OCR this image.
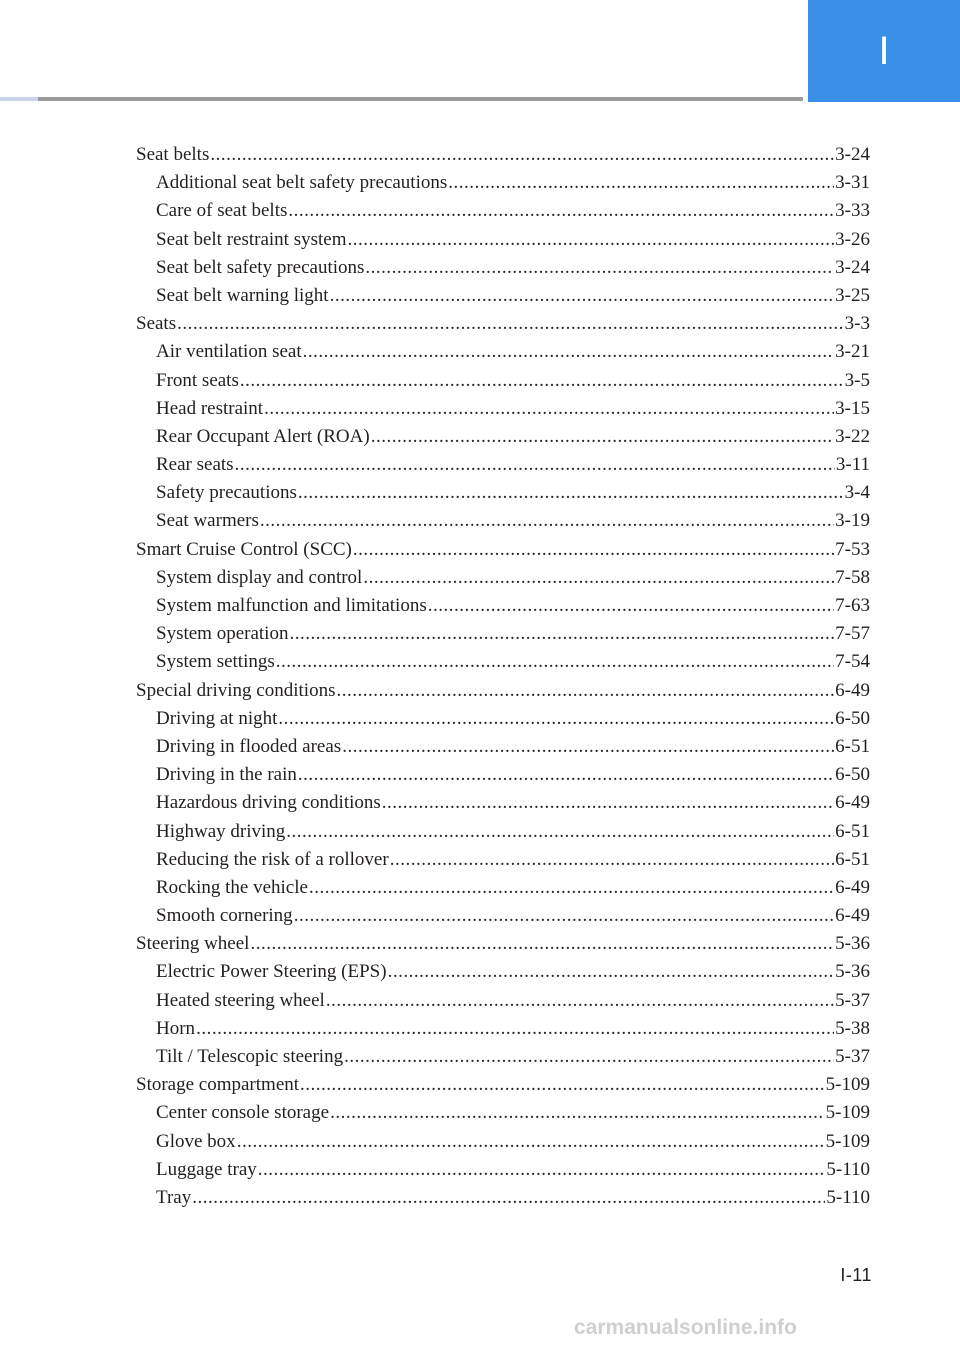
I
Seat belts .....	3-24
Additional seat belt safety precautions .....	3-31
Care of seat belts .....	3-33
Seat belt restraint system .....	3-26
Seat belt safety precautions .....	3-24
Seat belt warning light .....	3-25
Seats .....	3-3
Air ventilation seat .....	3-21
Front seats .....	3-5
Head restraint .....	3-15
Rear Occupant Alert (ROA) .....	3-22
Rear seats .....	3-11
Safety precautions .....	3-4
Seat warmers .....	3-19
Smart Cruise Control (SCC) .....	7-53
System display and control .....	7-58
System malfunction and limitations .....	7-63
System operation .....	7-57
System settings .....	7-54
Special driving conditions .....	6-49
Driving at night .....	6-50
Driving in flooded areas .....	6-51
Driving in the rain .....	6-50
Hazardous driving conditions .....	6-49
Highway driving .....	6-51
Reducing the risk of a rollover .....	6-51
Rocking the vehicle .....	6-49
Smooth cornering .....	6-49
Steering wheel .....	5-36
Electric Power Steering (EPS) .....	5-36
Heated steering wheel .....	5-37
Horn .....	5-38
Tilt / Telescopic steering .....	5-37
Storage compartment .....	5-109
Center console storage .....	5-109
Glove box .....	5-109
Luggage tray .....	5-110
Tray .....	5-110
I-11
carmanualsonline.info
